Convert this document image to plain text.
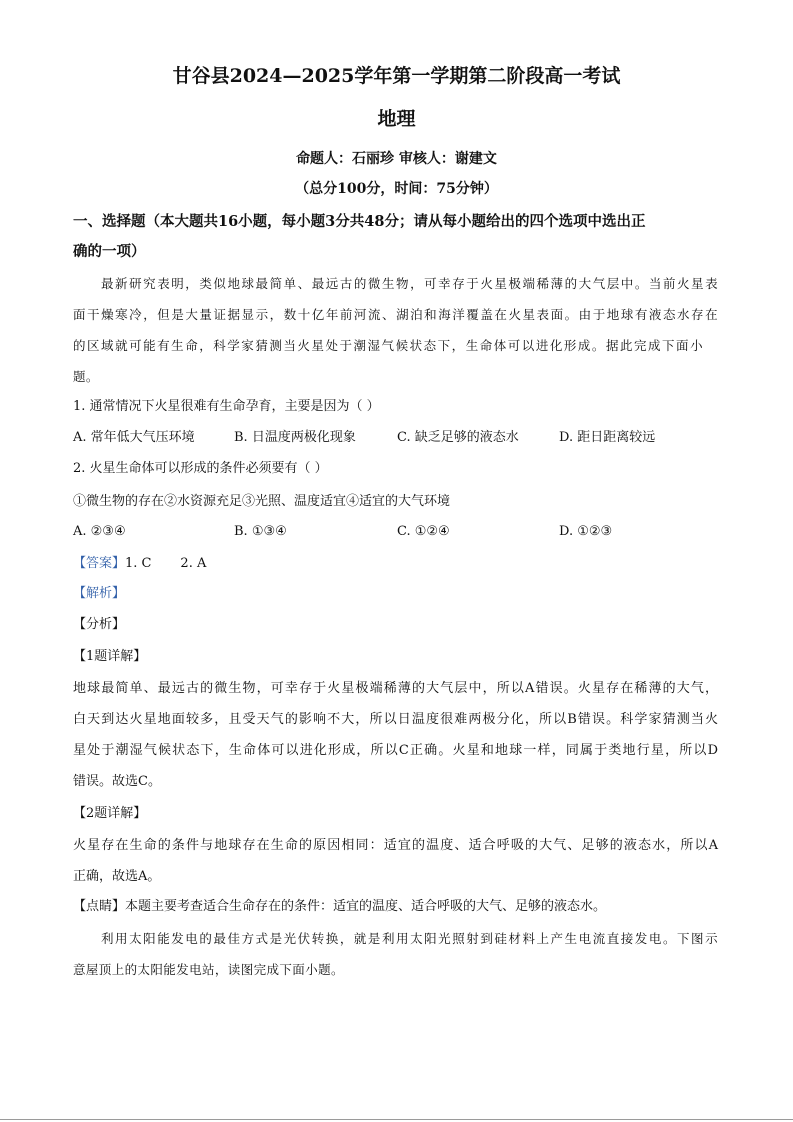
甘谷县2024—2025学年第一学期第二阶段高一考试
地理
命题人：石丽珍 审核人：谢建文
（总分100分，时间：75分钟）
一、选择题（本大题共16小题，每小题3分共48分；请从每小题给出的四个选项中选出正
确的一项）
最新研究表明，类似地球最简单、最远古的微生物，可幸存于火星极端稀薄的大气层中。当前火星表
面干燥寒冷，但是大量证据显示，数十亿年前河流、湖泊和海洋覆盖在火星表面。由于地球有液态水存在
的区域就可能有生命，科学家猜测当火星处于潮湿气候状态下，生命体可以进化形成。据此完成下面小
题。
1. 通常情况下火星很难有生命孕育，主要是因为（ ）
A. 常年低大气压环境	B. 日温度两极化现象	C. 缺乏足够的液态水	D. 距日距离较远
2. 火星生命体可以形成的条件必须要有（ ）
①微生物的存在②水资源充足③光照、温度适宜④适宜的大气环境
A. ②③④	B. ①③④	C. ①②④	D. ①②③
【答案】1. C       2. A
【解析】
【分析】
【1题详解】
地球最简单、最远古的微生物，可幸存于火星极端稀薄的大气层中，所以A错误。火星存在稀薄的大气，
白天到达火星地面较多，且受天气的影响不大，所以日温度很难两极分化，所以B错误。科学家猜测当火
星处于潮湿气候状态下，生命体可以进化形成，所以C正确。火星和地球一样，同属于类地行星，所以D
错误。故选C。
【2题详解】
火星存在生命的条件与地球存在生命的原因相同：适宜的温度、适合呼吸的大气、足够的液态水，所以A
正确，故选A。
【点睛】本题主要考查适合生命存在的条件：适宜的温度、适合呼吸的大气、足够的液态水。
利用太阳能发电的最佳方式是光伏转换，就是利用太阳光照射到硅材料上产生电流直接发电。下图示
意屋顶上的太阳能发电站，读图完成下面小题。
